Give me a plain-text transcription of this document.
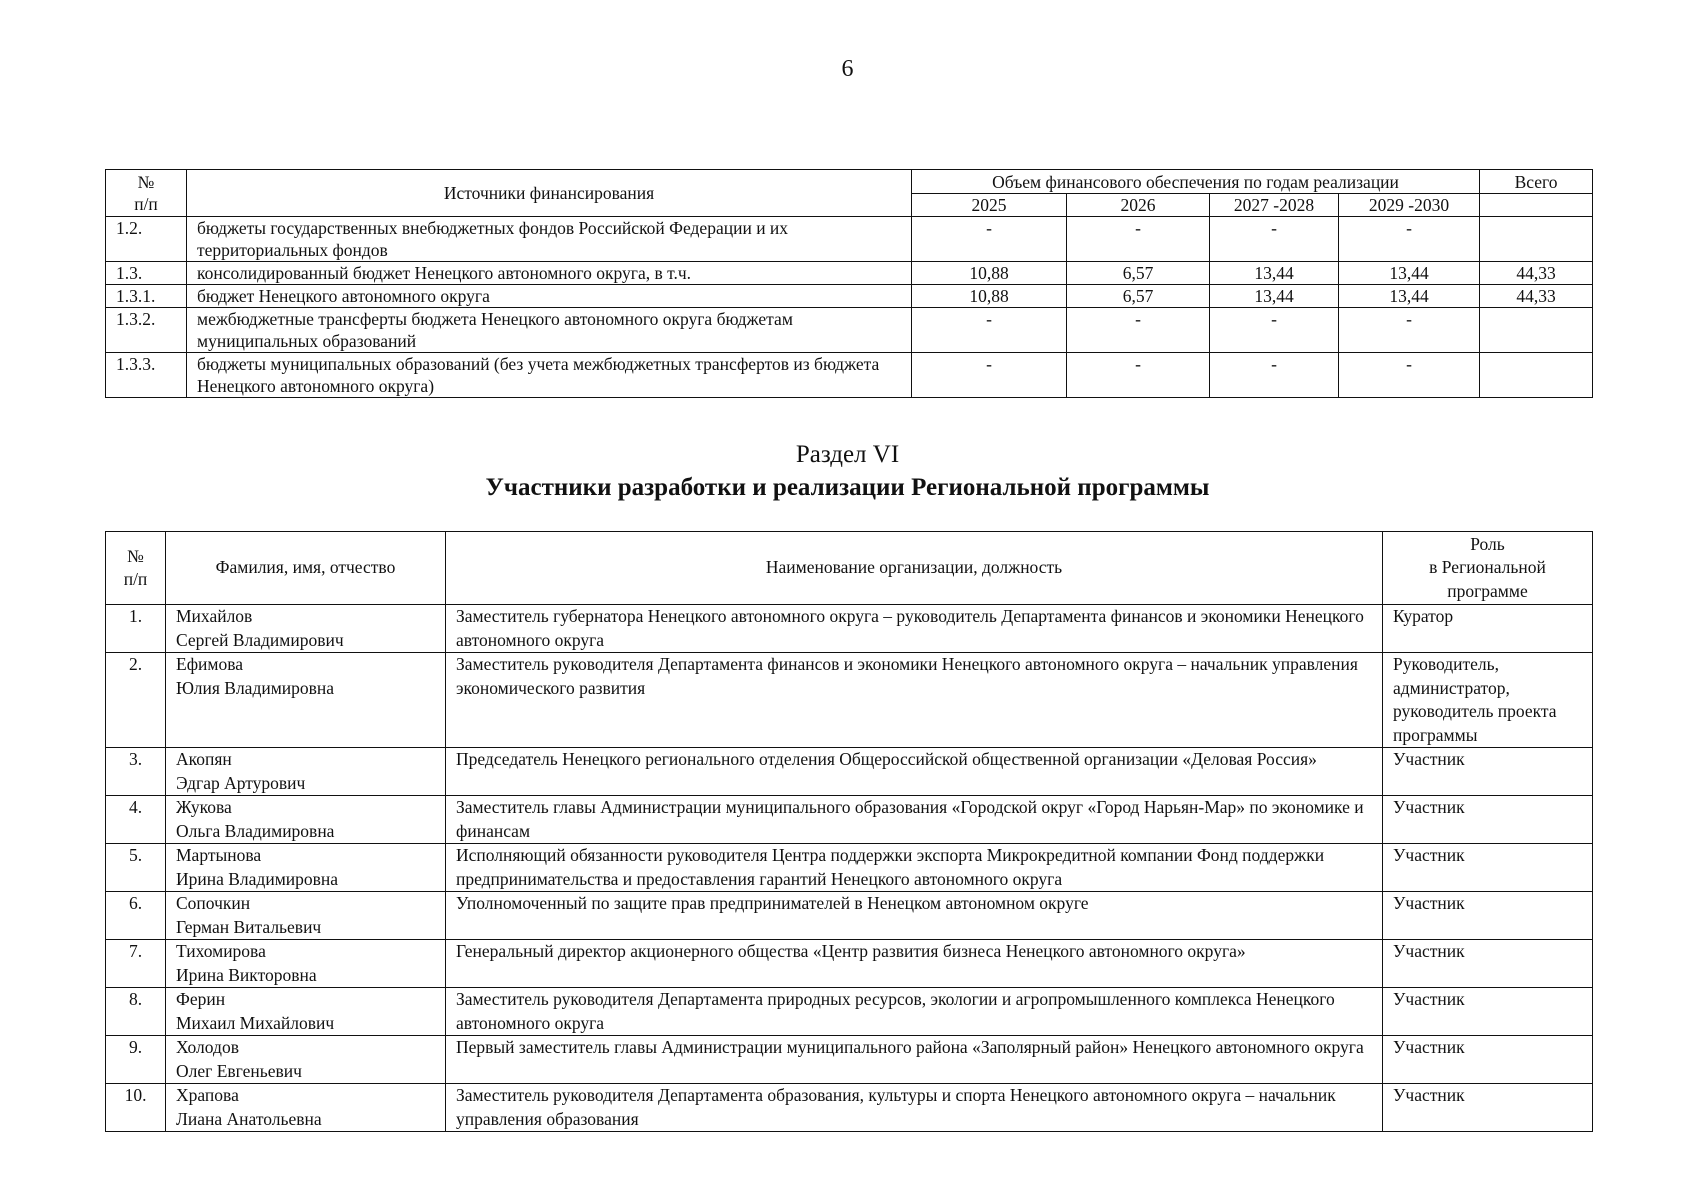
6
№
п/п	Источники финансирования	Объем финансового обеспечения по годам реализации				Всего
		2025	2026	2027 -2028	2029 -2030	
1.2.	бюджеты государственных внебюджетных фондов Российской Федерации и их территориальных фондов	-	-	-	-	
1.3.	консолидированный бюджет Ненецкого автономного округа, в т.ч.	10,88	6,57	13,44	13,44	44,33
1.3.1.	бюджет Ненецкого автономного округа	10,88	6,57	13,44	13,44	44,33
1.3.2.	межбюджетные трансферты бюджета Ненецкого автономного округа бюджетам муниципальных образований	-	-	-	-	
1.3.3.	бюджеты муниципальных образований (без учета межбюджетных трансфертов из бюджета Ненецкого автономного округа)	-	-	-	-	
Раздел VI
Участники разработки и реализации Региональной программы
№
п/п	Фамилия, имя, отчество	Наименование организации, должность	Роль
в Региональной
программе

1.	Михайлов
Сергей Владимирович	Заместитель губернатора Ненецкого автономного округа – руководитель Департамента финансов и экономики Ненецкого автономного округа	Куратор
2.	Ефимова
Юлия Владимировна	Заместитель руководителя Департамента финансов и экономики Ненецкого автономного округа – начальник управления экономического развития	Руководитель, администратор, руководитель проекта программы
3.	Акопян
Эдгар Артурович	Председатель Ненецкого регионального отделения Общероссийской общественной организации «Деловая Россия»	Участник
4.	Жукова
Ольга Владимировна	Заместитель главы Администрации муниципального образования «Городской округ «Город Нарьян-Мар» по экономике и финансам	Участник
5.	Мартынова
Ирина Владимировна	Исполняющий обязанности руководителя Центра поддержки экспорта Микрокредитной компании Фонд поддержки предпринимательства и предоставления гарантий Ненецкого автономного округа	Участник
6.	Сопочкин
Герман Витальевич	Уполномоченный по защите прав предпринимателей в Ненецком автономном округе	Участник
7.	Тихомирова
Ирина Викторовна	Генеральный директор акционерного общества «Центр развития бизнеса Ненецкого автономного округа»	Участник
8.	Ферин
Михаил Михайлович	Заместитель руководителя Департамента природных ресурсов, экологии и агропромышленного комплекса Ненецкого автономного округа	Участник
9.	Холодов
Олег Евгеньевич	Первый заместитель главы Администрации муниципального района «Заполярный район» Ненецкого автономного округа	Участник
10.	Храпова
Лиана Анатольевна	Заместитель руководителя Департамента образования, культуры и спорта Ненецкого автономного округа – начальник управления образования	Участник
